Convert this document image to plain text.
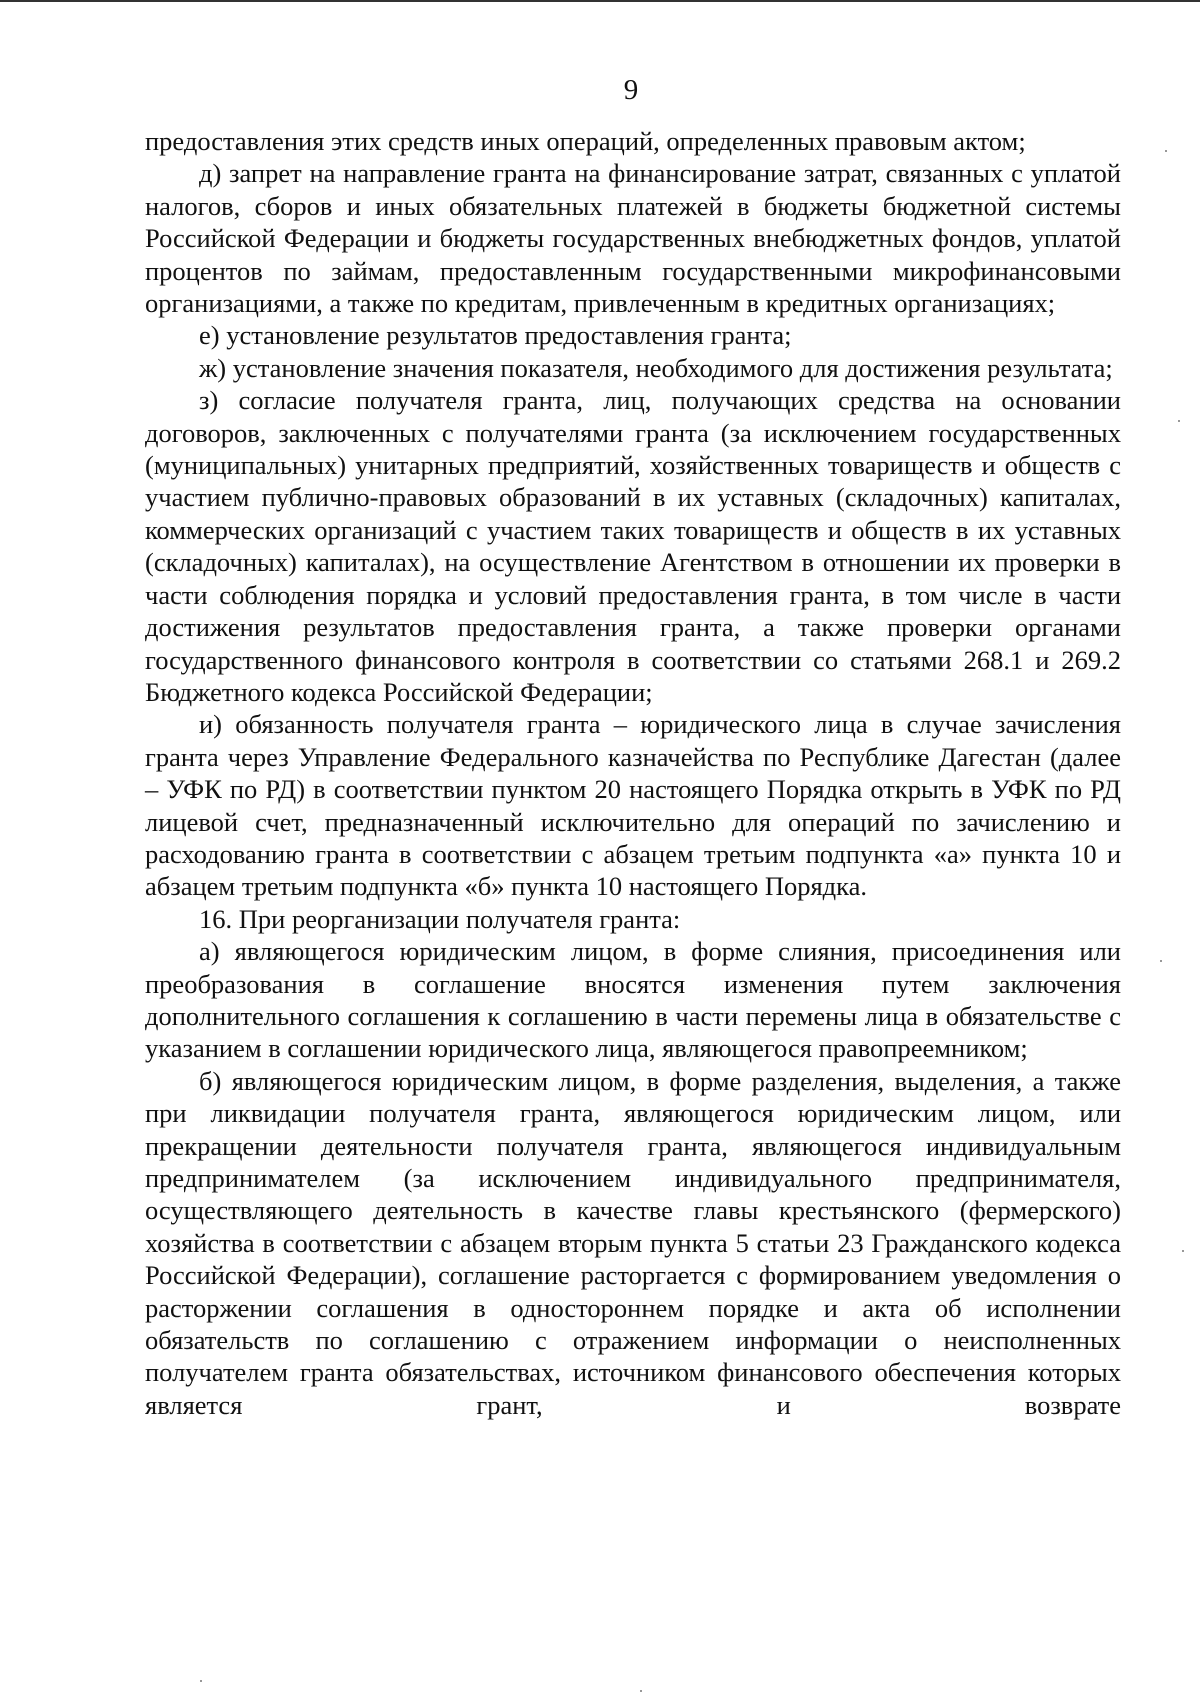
9

предоставления этих средств иных операций, определенных правовым актом;

д) запрет на направление гранта на финансирование затрат, связанных с уплатой налогов, сборов и иных обязательных платежей в бюджеты бюджетной системы Российской Федерации и бюджеты государственных внебюджетных фондов, уплатой процентов по займам, предоставленным государственными микрофинансовыми организациями, а также по кредитам, привлеченным в кредитных организациях;

е) установление результатов предоставления гранта;

ж) установление значения показателя, необходимого для достижения результата;

з) согласие получателя гранта, лиц, получающих средства на основании договоров, заключенных с получателями гранта (за исключением государственных (муниципальных) унитарных предприятий, хозяйственных товариществ и обществ с участием публично-правовых образований в их уставных (складочных) капиталах, коммерческих организаций с участием таких товариществ и обществ в их уставных (складочных) капиталах), на осуществление Агентством в отношении их проверки в части соблюдения порядка и условий предоставления гранта, в том числе в части достижения результатов предоставления гранта, а также проверки органами государственного финансового контроля в соответствии со статьями 268.1 и 269.2 Бюджетного кодекса Российской Федерации;

и) обязанность получателя гранта – юридического лица в случае зачисления гранта через Управление Федерального казначейства по Республике Дагестан (далее – УФК по РД) в соответствии пунктом 20 настоящего Порядка открыть в УФК по РД лицевой счет, предназначенный исключительно для операций по зачислению и расходованию гранта в соответствии с абзацем третьим подпункта «а» пункта 10 и абзацем третьим подпункта «б» пункта 10 настоящего Порядка.

16. При реорганизации получателя гранта:

а) являющегося юридическим лицом, в форме слияния, присоединения или преобразования в соглашение вносятся изменения путем заключения дополнительного соглашения к соглашению в части перемены лица в обязательстве с указанием в соглашении юридического лица, являющегося правопреемником;

б) являющегося юридическим лицом, в форме разделения, выделения, а также при ликвидации получателя гранта, являющегося юридическим лицом, или прекращении деятельности получателя гранта, являющегося индивидуальным предпринимателем (за исключением индивидуального предпринимателя, осуществляющего деятельность в качестве главы крестьянского (фермерского) хозяйства в соответствии с абзацем вторым пункта 5 статьи 23 Гражданского кодекса Российской Федерации), соглашение расторгается с формированием уведомления о расторжении соглашения в одностороннем порядке и акта об исполнении обязательств по соглашению с отражением информации о неисполненных получателем гранта обязательствах, источником финансового обеспечения которых является грант, и возврате
